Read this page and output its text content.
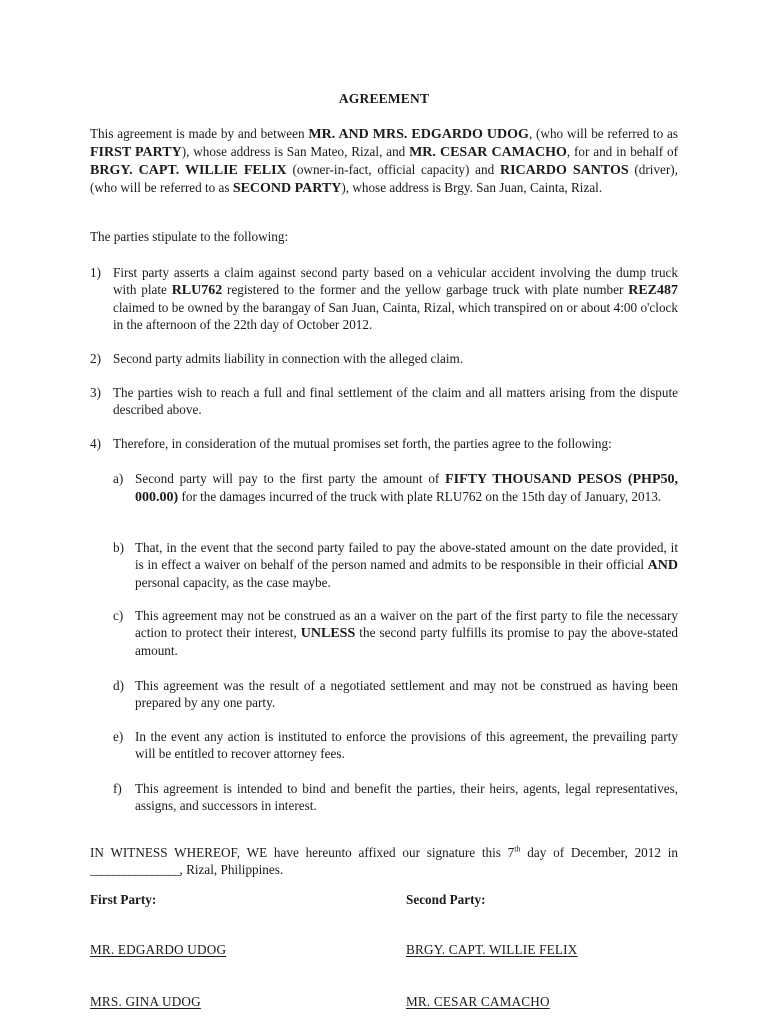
AGREEMENT

This agreement is made by and between MR. AND MRS. EDGARDO UDOG, (who will be referred to as FIRST PARTY), whose address is San Mateo, Rizal, and MR. CESAR CAMACHO, for and in behalf of BRGY. CAPT. WILLIE FELIX (owner-in-fact, official capacity) and RICARDO SANTOS (driver), (who will be referred to as SECOND PARTY), whose address is Brgy. San Juan, Cainta, Rizal.

The parties stipulate to the following:

1) First party asserts a claim against second party based on a vehicular accident involving the dump truck with plate RLU762 registered to the former and the yellow garbage truck with plate number REZ487 claimed to be owned by the barangay of San Juan, Cainta, Rizal, which transpired on or about 4:00 o'clock in the afternoon of the 22th day of October 2012.
2) Second party admits liability in connection with the alleged claim.
3) The parties wish to reach a full and final settlement of the claim and all matters arising from the dispute described above.
4) Therefore, in consideration of the mutual promises set forth, the parties agree to the following:
a) Second party will pay to the first party the amount of FIFTY THOUSAND PESOS (PHP50, 000.00) for the damages incurred of the truck with plate RLU762 on the 15th day of January, 2013.
b) That, in the event that the second party failed to pay the above-stated amount on the date provided, it is in effect a waiver on behalf of the person named and admits to be responsible in their official AND personal capacity, as the case maybe.
c) This agreement may not be construed as an a waiver on the part of the first party to file the necessary action to protect their interest, UNLESS the second party fulfills its promise to pay the above-stated amount.
d) This agreement was the result of a negotiated settlement and may not be construed as having been prepared by any one party.
e) In the event any action is instituted to enforce the provisions of this agreement, the prevailing party will be entitled to recover attorney fees.
f)	This agreement is intended to bind and benefit the parties, their heirs, agents, legal representatives, assigns, and successors in interest.

IN WITNESS WHEREOF, WE have hereunto affixed our signature this 7th day of December, 2012 in ________________, Rizal, Philippines.

First Party:	Second Party:
MR. EDGARDO UDOG	BRGY. CAPT. WILLIE FELIX
MRS. GINA UDOG	MR. CESAR CAMACHO
